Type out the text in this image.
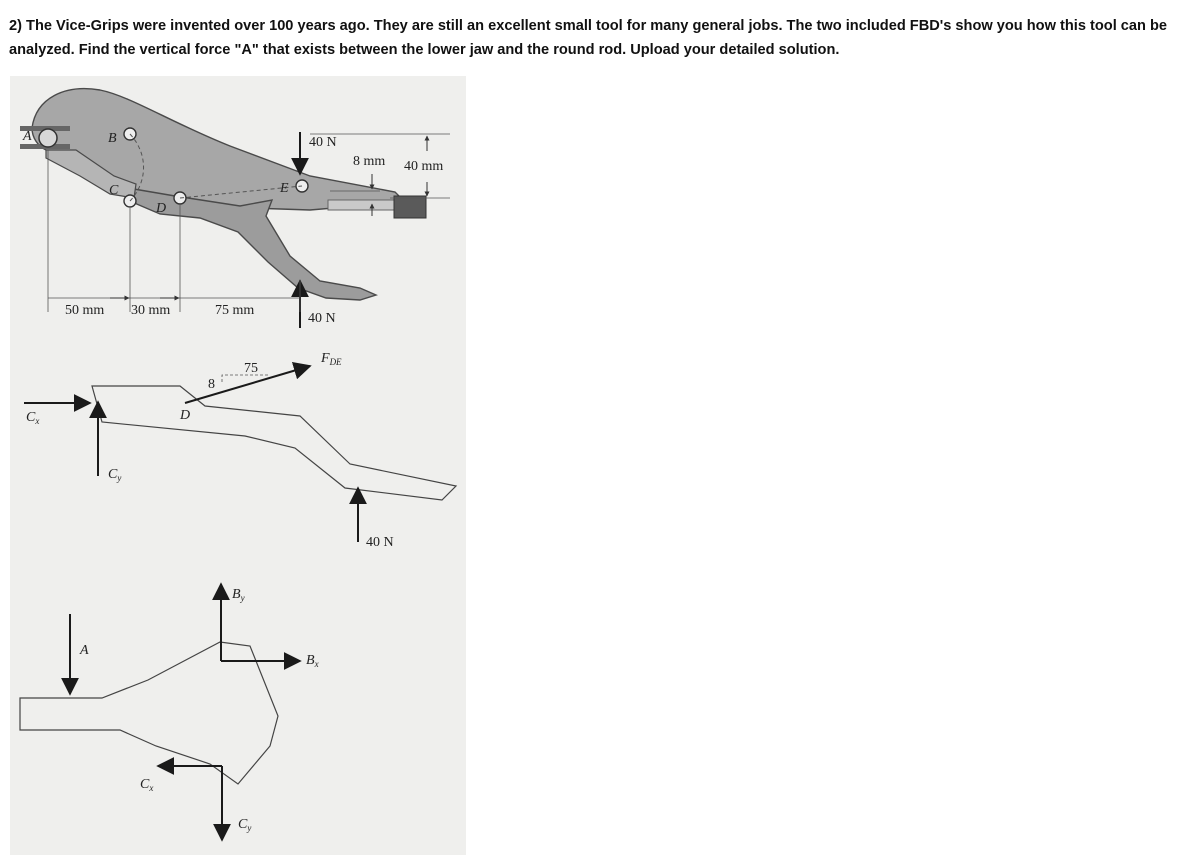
2) The Vice-Grips were invented over 100 years ago. They are still an excellent small tool for many general jobs. The two included FBD's show you how this tool can be analyzed. Find the vertical force "A" that exists between the lower jaw and the round rod. Upload your detailed solution.
A	B
C
D
E
40 N
40 N
8 mm 40 mm
50 mm 30 mm	75 mm
$C_x$
$C_y$
D
75
8
$F_{DE}$
40 N
A
$B_y$
$B_x$
$C_x$
$C_y$
